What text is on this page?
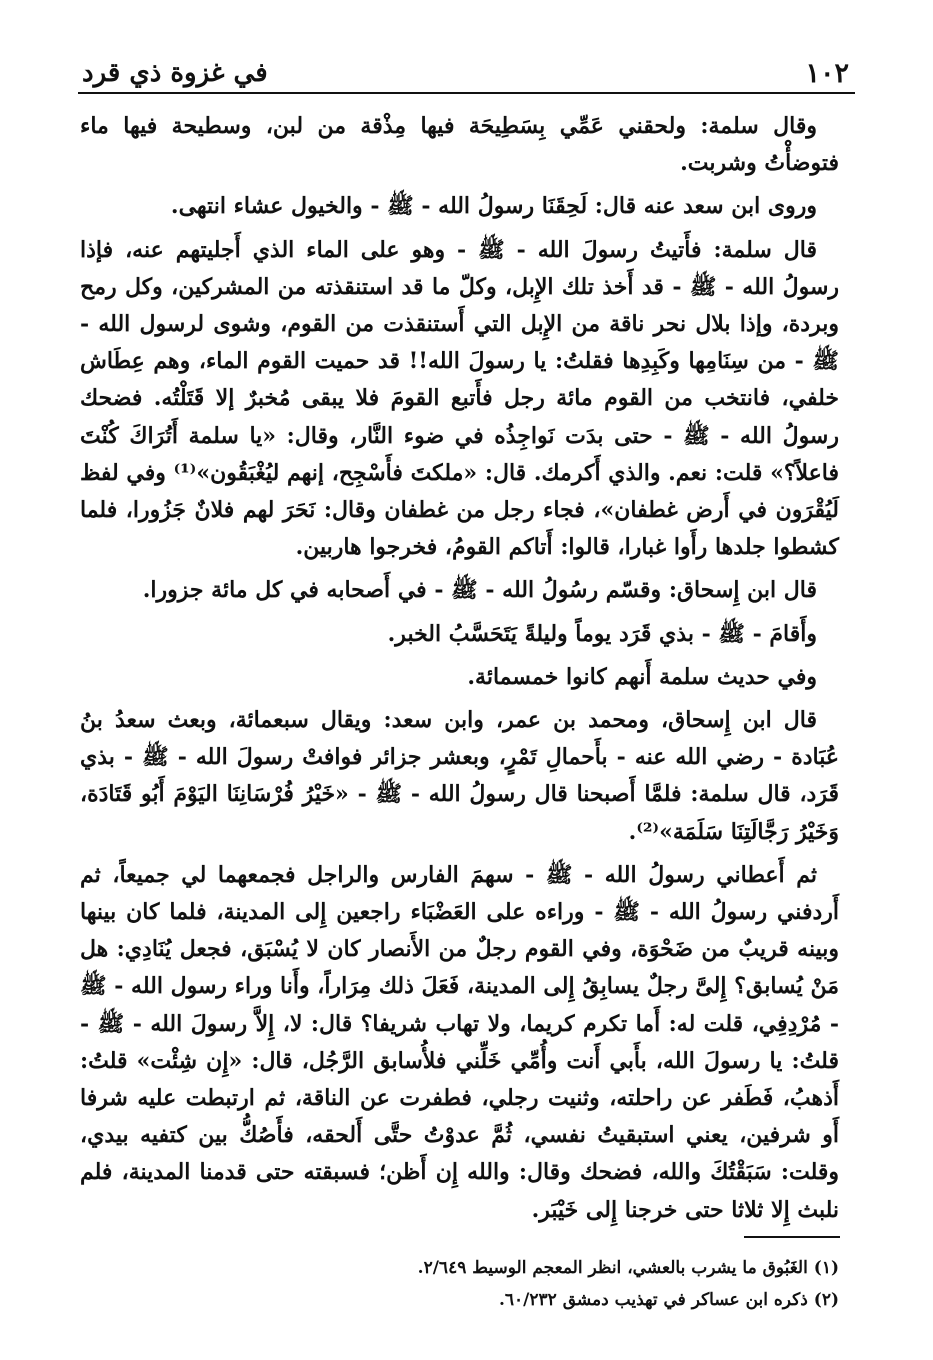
١٠٢
في غزوة ذي قرد

وقال سلمة: ولحقني عَمِّي بِسَطِيحَة فيها مِذْقة من لبن، وسطيحة فيها ماء فتوضأْتُ وشربت.

وروى ابن سعد عنه قال: لَحِقَنَا رسولُ الله - ﷺ - والخيول عشاء انتهى.

قال سلمة: فأَتيتُ رسولَ الله - ﷺ - وهو على الماء الذي أَجليتهم عنه، فإذا رسولُ الله - ﷺ - قد أَخذ تلك الإِبل، وكلّ ما قد استنقذته من المشركين، وكل رمح وبردة، وإذا بلال نحر ناقة من الإِبل التي أَستنقذت من القوم، وشوى لرسول الله - ﷺ - من سِنَامِها وكَبِدِها فقلتُ: يا رسولَ الله!! قد حميت القوم الماء، وهم عِطَاش خلفي، فانتخب من القوم مائة رجل فأَتبع القومَ فلا يبقى مُخبرٌ إلا قَتَلْتُه. فضحك رسولُ الله - ﷺ - حتى بدَت نَواجِذُه في ضوء النَّار، وقال: «يا سلمة أَتُرَاكَ كُنْتَ فاعلاً؟» قلت: نعم. والذي أَكرمك. قال: «ملكتَ فأَسْجِح، إنهم ليُغْبَقُون»⁽¹⁾ وفي لفظ لَيُقْرَون في أَرض غطفان»، فجاء رجل من غطفان وقال: نَحَرَ لهم فلانٌ جَزُورا، فلما كشطوا جلدها رأَوا غبارا، قالوا: أَتاكم القومُ، فخرجوا هاربين.

قال ابن إِسحاق: وقسّم رسُولُ الله - ﷺ - في أَصحابه في كل مائة جزورا.

وأَقامَ - ﷺ - بذي قَرَد يوماً وليلةً يَتَحَسَّبُ الخبر.

وفي حديث سلمة أَنهم كانوا خمسمائة.

قال ابن إِسحاق، ومحمد بن عمر، وابن سعد: ويقال سبعمائة، وبعث سعدُ بنُ عُبَادة - رضي الله عنه - بأَحمالِ تَمْرٍ، وبعشر جزائر فوافتْ رسولَ الله - ﷺ - بذي قَرَد، قال سلمة: فلمَّا أَصبحنا قال رسولُ الله - ﷺ - «خَيْرُ فُرْسَانِنَا اليَوْمَ أَبُو قَتَادَة، وَخَيْرُ رَجَّالَتِنَا سَلَمَة»⁽²⁾.

ثم أَعطاني رسولُ الله - ﷺ - سهمَ الفارس والراجل فجمعهما لي جميعاً، ثم أَردفني رسولُ الله - ﷺ - وراءه على العَضْبَاء راجعين إِلى المدينة، فلما كان بينها وبينه قريبٌ من ضَحْوَة، وفي القوم رجلٌ من الأَنصار كان لا يُسْبَق، فجعل يُنَادِي: هل مَنْ يُسابق؟ إِلىَّ رجلٌ يسابِقُ إِلى المدينة، فَعَلَ ذلك مِرَاراً، وأَنا وراء رسول الله - ﷺ - مُرْدِفِي، قلت له: أَما تكرم كريما، ولا تهاب شريفا؟ قال: لا، إِلاَّ رسولَ الله - ﷺ - قلتُ: يا رسولَ الله، بأَبي أَنت وأُمِّي خَلِّني فلأُسابق الرَّجُل، قال: «إِن شِئْت» قلتُ: أَذهبُ، فَطَفر عن راحلته، وثنيت رجلي، فطفرت عن الناقة، ثم ارتبطت عليه شرفا أَو شرفين، يعني استبقيتُ نفسي، ثُمَّ عدوْتُ حتَّى أَلحقه، فأَصُكُّ بين كتفيه بيدي، وقلت: سَبَقْتُكَ والله، فضحك وقال: والله إِن أَظن؛ فسبقته حتى قدمنا المدينة، فلم نلبث إِلا ثلاثا حتى خرجنا إِلى خَيْبَر.

(١) الغَبُوق ما يشرب بالعشي، انظر المعجم الوسيط ٢/٦٤٩.

(٢) ذكره ابن عساكر في تهذيب دمشق ٦٠/٢٣٢.
